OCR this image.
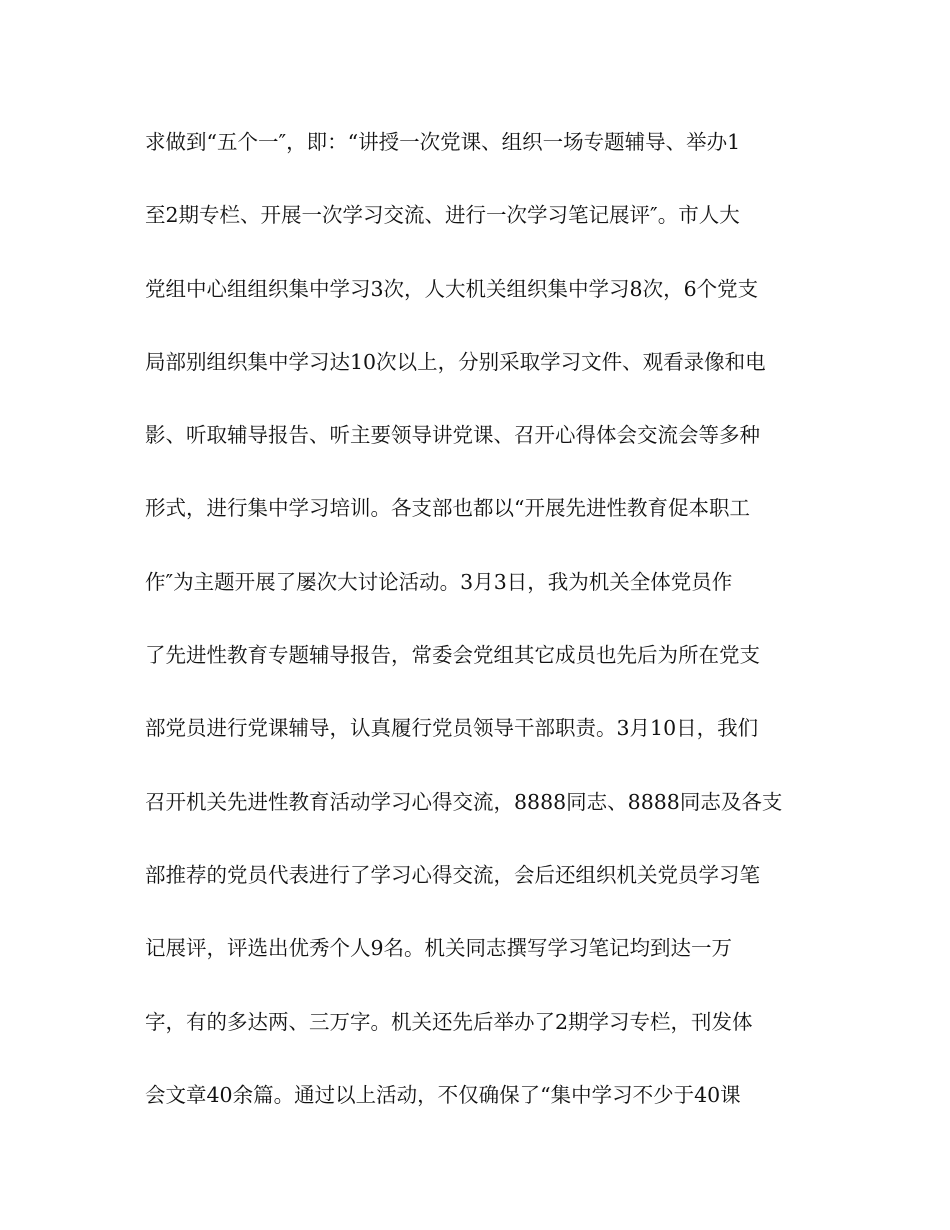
求做到“五个一″，即：“讲授一次党课、组织一场专题辅导、举办1
至2期专栏、开展一次学习交流、进行一次学习笔记展评″。市人大
党组中心组组织集中学习3次，人大机关组织集中学习8次，6个党支
局部别组织集中学习达10次以上，分别采取学习文件、观看录像和电
影、听取辅导报告、听主要领导讲党课、召开心得体会交流会等多种
形式，进行集中学习培训。各支部也都以“开展先进性教育促本职工
作″为主题开展了屡次大讨论活动。3月3日，我为机关全体党员作
了先进性教育专题辅导报告，常委会党组其它成员也先后为所在党支
部党员进行党课辅导，认真履行党员领导干部职责。3月10日，我们
召开机关先进性教育活动学习心得交流，8888同志、8888同志及各支
部推荐的党员代表进行了学习心得交流，会后还组织机关党员学习笔
记展评，评选出优秀个人9名。机关同志撰写学习笔记均到达一万
字，有的多达两、三万字。机关还先后举办了2期学习专栏，刊发体
会文章40余篇。通过以上活动，不仅确保了“集中学习不少于40课
